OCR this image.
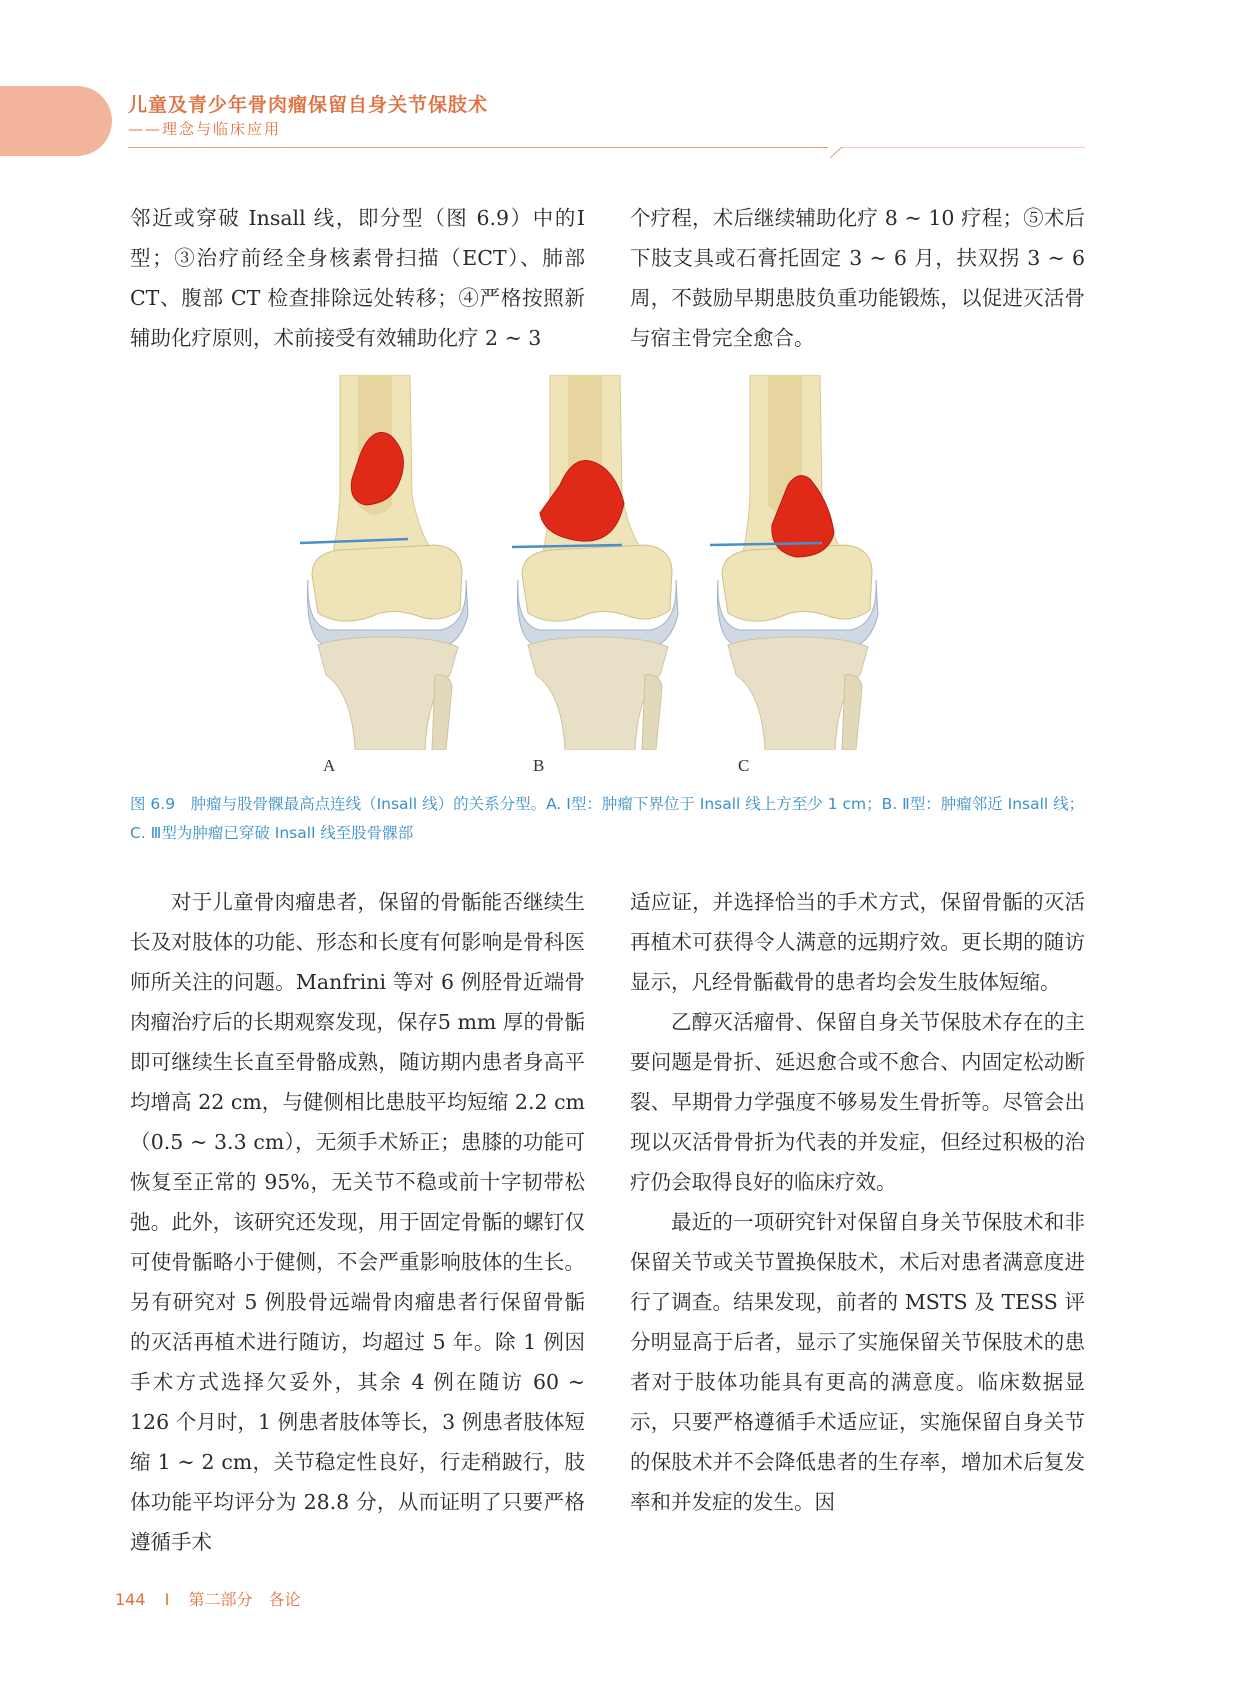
儿童及青少年骨肉瘤保留自身关节保肢术
——理念与临床应用

邻近或穿破 Insall 线，即分型（图 6.9）中的Ⅰ型；③治疗前经全身核素骨扫描（ECT）、肺部CT、腹部 CT 检查排除远处转移；④严格按照新辅助化疗原则，术前接受有效辅助化疗 2 ~ 3

个疗程，术后继续辅助化疗 8 ~ 10 疗程；⑤术后下肢支具或石膏托固定 3 ~ 6 月，扶双拐 3 ~ 6 周，不鼓励早期患肢负重功能锻炼，以促进灭活骨与宿主骨完全愈合。

A	B	C
图 6.9　肿瘤与股骨髁最高点连线（Insall 线）的关系分型。A. Ⅰ型：肿瘤下界位于 Insall 线上方至少 1 cm；B. Ⅱ型：肿瘤邻近 Insall 线；C. Ⅲ型为肿瘤已穿破 Insall 线至股骨髁部

对于儿童骨肉瘤患者，保留的骨骺能否继续生长及对肢体的功能、形态和长度有何影响是骨科医师所关注的问题。Manfrini 等对 6 例胫骨近端骨肉瘤治疗后的长期观察发现，保存5 mm 厚的骨骺即可继续生长直至骨骼成熟，随访期内患者身高平均增高 22 cm，与健侧相比患肢平均短缩 2.2 cm（0.5 ~ 3.3 cm），无须手术矫正；患膝的功能可恢复至正常的 95%，无关节不稳或前十字韧带松弛。此外，该研究还发现，用于固定骨骺的螺钉仅可使骨骺略小于健侧，不会严重影响肢体的生长。另有研究对 5 例股骨远端骨肉瘤患者行保留骨骺的灭活再植术进行随访，均超过 5 年。除 1 例因手术方式选择欠妥外，其余 4 例在随访 60 ~ 126 个月时，1 例患者肢体等长，3 例患者肢体短缩 1 ~ 2 cm，关节稳定性良好，行走稍跛行，肢体功能平均评分为 28.8 分，从而证明了只要严格遵循手术

适应证，并选择恰当的手术方式，保留骨骺的灭活再植术可获得令人满意的远期疗效。更长期的随访显示，凡经骨骺截骨的患者均会发生肢体短缩。

乙醇灭活瘤骨、保留自身关节保肢术存在的主要问题是骨折、延迟愈合或不愈合、内固定松动断裂、早期骨力学强度不够易发生骨折等。尽管会出现以灭活骨骨折为代表的并发症，但经过积极的治疗仍会取得良好的临床疗效。

最近的一项研究针对保留自身关节保肢术和非保留关节或关节置换保肢术，术后对患者满意度进行了调查。结果发现，前者的 MSTS 及 TESS 评分明显高于后者，显示了实施保留关节保肢术的患者对于肢体功能具有更高的满意度。临床数据显示，只要严格遵循手术适应证，实施保留自身关节的保肢术并不会降低患者的生存率，增加术后复发率和并发症的发生。因

144 I 第二部分　各论
